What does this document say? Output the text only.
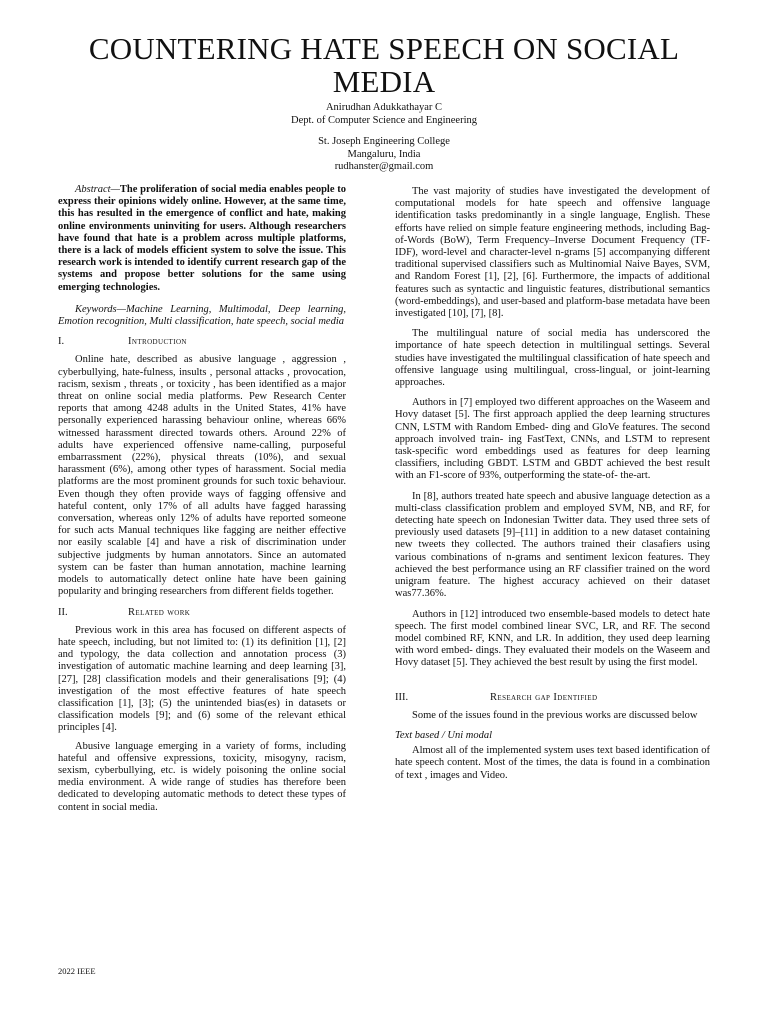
COUNTERING HATE SPEECH ON SOCIAL MEDIA
Anirudhan Adukkathayar C
Dept. of Computer Science and Engineering
St. Joseph Engineering College
Mangaluru, India
rudhanster@gmail.com

Abstract—The proliferation of social media enables people to express their opinions widely online. However, at the same time, this has resulted in the emergence of conflict and hate, making online environments uninviting for users. Although researchers have found that hate is a problem across multiple platforms, there is a lack of models efficient system to solve the issue. This research work is intended to identify current research gap of the systems and propose better solutions for the same using emerging technologies.

Keywords—Machine Learning, Multimodal, Deep learning, Emotion recognition, Multi classification, hate speech, social media

I.	Introduction

Online hate, described as abusive language , aggression , cyberbullying, hate-fulness, insults , personal attacks , provocation, racism, sexism , threats , or toxicity , has been identified as a major threat on online social media platforms. Pew Research Center reports that among 4248 adults in the United States, 41% have personally experienced harassing behaviour online, whereas 66% witnessed harassment directed towards others. Around 22% of adults have experienced offensive name-calling, purposeful embarrassment (22%), physical threats (10%), and sexual harassment (6%), among other types of harassment. Social media platforms are the most prominent grounds for such toxic behaviour. Even though they often provide ways of fagging offensive and hateful content, only 17% of all adults have fagged harassing conversation, whereas only 12% of adults have reported someone for such acts Manual techniques like fagging are neither effective nor easily scalable [4] and have a risk of discrimination under subjective judgments by human annotators. Since an automated system can be faster than human annotation, machine learning models to automatically detect online hate have been gaining popularity and bringing researchers from different fields together.

II.	Related work

Previous work in this area has focused on different aspects of hate speech, including, but not limited to: (1) its definition [1], [2] and typology, the data collection and annotation process (3) investigation of automatic machine learning and deep learning [3], [27], [28] classification models and their generalisations [9]; (4) investigation of the most effective features of hate speech classification [1], [3]; (5) the unintended bias(es) in datasets or classification models [9]; and (6) some of the relevant ethical principles [4].

Abusive language emerging in a variety of forms, including hateful and offensive expressions, toxicity, misogyny, racism, sexism, cyberbullying, etc. is widely poisoning the online social media environment. A wide range of studies has therefore been dedicated to developing automatic methods to detect these types of content in social media.

The vast majority of studies have investigated the development of computational models for hate speech and offensive language identification tasks predominantly in a single language, English. These efforts have relied on simple feature engineering methods, including Bag-of-Words (BoW), Term Frequency–Inverse Document Frequency (TF-IDF), word-level and character-level n-grams [5] accompanying different traditional supervised classifiers such as Multinomial Naive Bayes, SVM, and Random Forest [1], [2], [6]. Furthermore, the impacts of additional features such as syntactic and linguistic features, distributional semantics (word-embeddings), and user-based and platform-base metadata have been investigated [10], [7], [8].

The multilingual nature of social media has underscored the importance of hate speech detection in multilingual settings. Several studies have investigated the multilingual classification of hate speech and offensive language using multilingual, cross-lingual, or joint-learning approaches.

Authors in [7] employed two different approaches on the Waseem and Hovy dataset [5]. The first approach applied the deep learning structures CNN, LSTM with Random Embed- ding and GloVe features. The second approach involved train- ing FastText, CNNs, and LSTM to represent task-specific word embeddings used as features for deep learning classifiers, including GBDT. LSTM and GBDT achieved the best result with an F1-score of 93%, outperforming the state-of- the-art.

In [8], authors treated hate speech and abusive language detection as a multi-class classification problem and employed SVM, NB, and RF, for detecting hate speech on Indonesian Twitter data. They used three sets of previously used datasets [9]–[11] in addition to a new dataset containing new tweets they collected. The authors trained their clasafiers using various combinations of n-grams and sentiment lexicon features. They achieved the best performance using an RF classifier trained on the word unigram feature. The highest accuracy achieved on their dataset was77.36%.

Authors in [12] introduced two ensemble-based models to detect hate speech. The first model combined linear SVC, LR, and RF. The second model combined RF, KNN, and LR. In addition, they used deep learning with word embed- dings. They evaluated their models on the Waseem and Hovy dataset [5]. They achieved the best result by using the first model.

III.	Research gap Identified

Some of the issues found in the previous works are discussed below

Text based / Uni modal

Almost all of the implemented system uses text based identification of hate speech content. Most of the times, the data is found in a combination of text , images and Video.

2022 IEEE
